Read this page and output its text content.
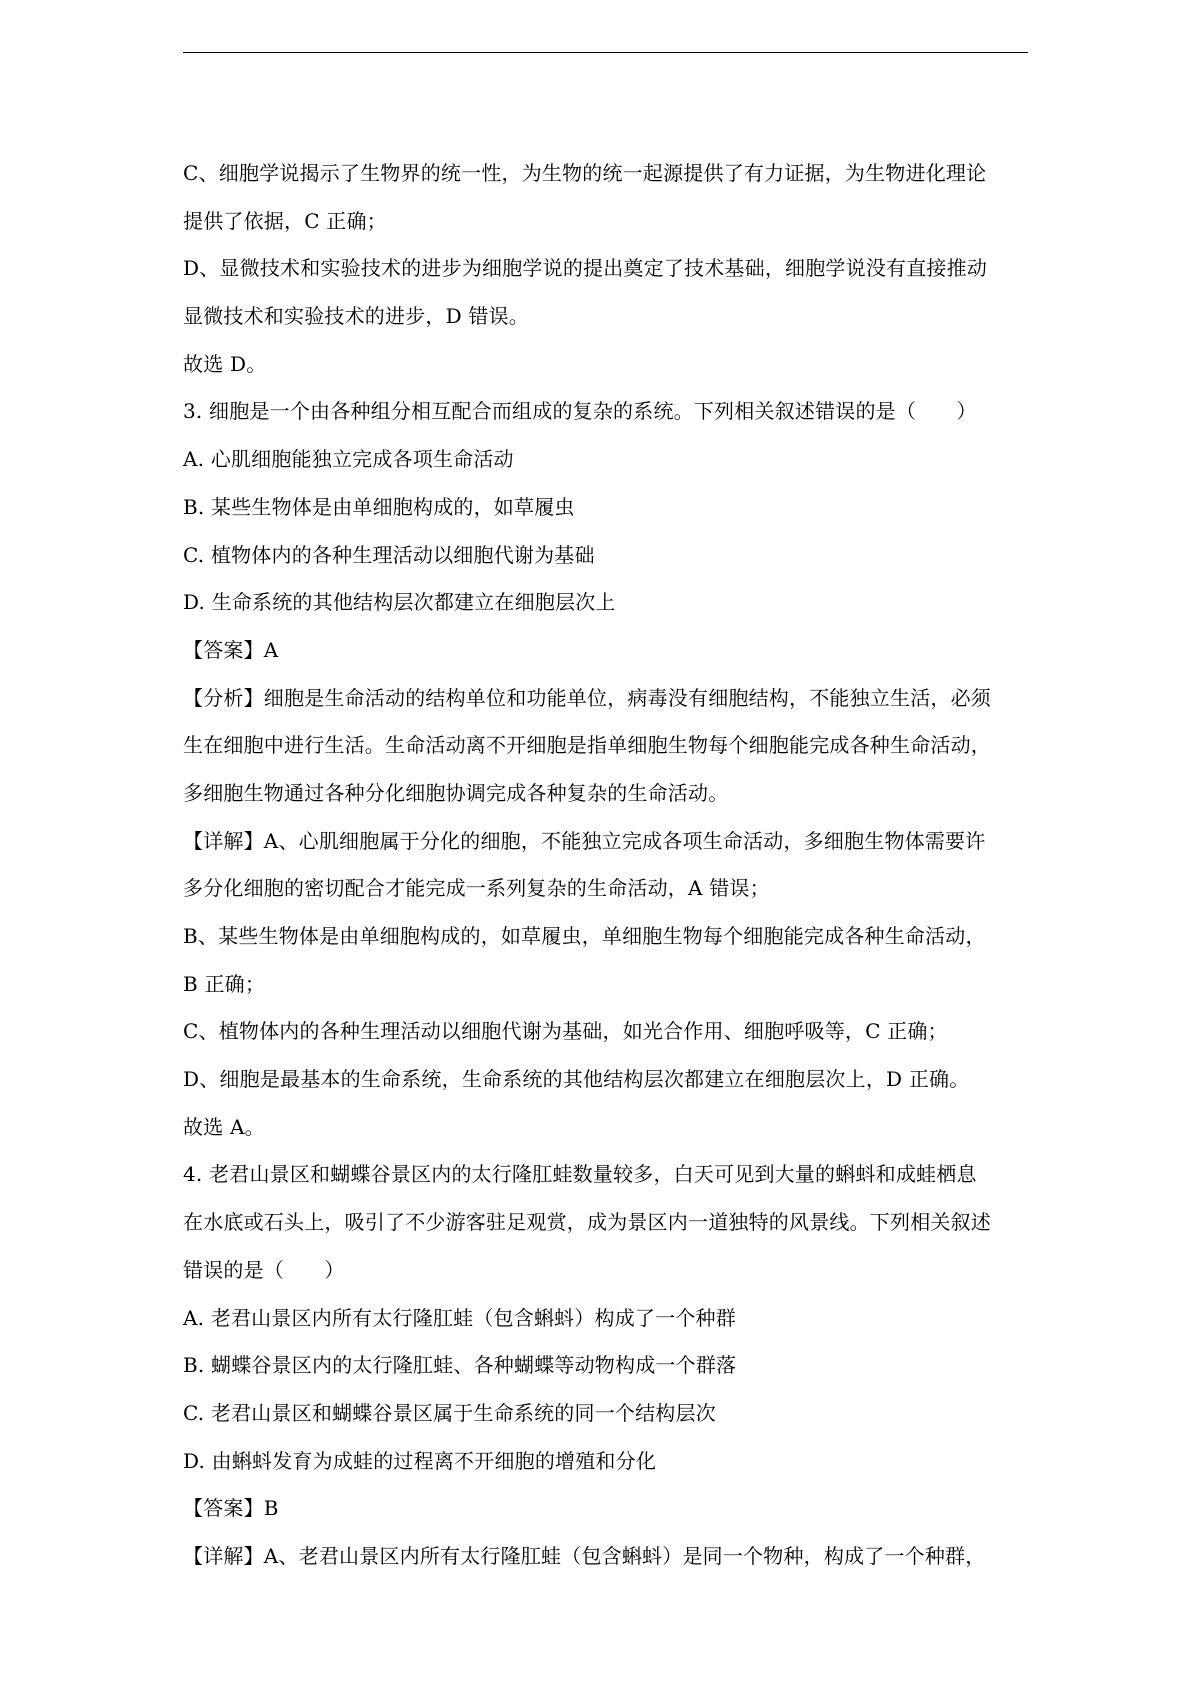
C、细胞学说揭示了生物界的统一性，为生物的统一起源提供了有力证据，为生物进化理论
提供了依据，C 正确；
D、显微技术和实验技术的进步为细胞学说的提出奠定了技术基础，细胞学说没有直接推动
显微技术和实验技术的进步，D 错误。
故选 D。
3. 细胞是一个由各种组分相互配合而组成的复杂的系统。下列相关叙述错误的是（　　）
A. 心肌细胞能独立完成各项生命活动
B. 某些生物体是由单细胞构成的，如草履虫
C. 植物体内的各种生理活动以细胞代谢为基础
D. 生命系统的其他结构层次都建立在细胞层次上
【答案】A
【分析】细胞是生命活动的结构单位和功能单位，病毒没有细胞结构，不能独立生活，必须
生在细胞中进行生活。生命活动离不开细胞是指单细胞生物每个细胞能完成各种生命活动，
多细胞生物通过各种分化细胞协调完成各种复杂的生命活动。
【详解】A、心肌细胞属于分化的细胞，不能独立完成各项生命活动，多细胞生物体需要许
多分化细胞的密切配合才能完成一系列复杂的生命活动，A 错误；
B、某些生物体是由单细胞构成的，如草履虫，单细胞生物每个细胞能完成各种生命活动，
B 正确；
C、植物体内的各种生理活动以细胞代谢为基础，如光合作用、细胞呼吸等，C 正确；
D、细胞是最基本的生命系统，生命系统的其他结构层次都建立在细胞层次上，D 正确。
故选 A。
4. 老君山景区和蝴蝶谷景区内的太行隆肛蛙数量较多，白天可见到大量的蝌蚪和成蛙栖息
在水底或石头上，吸引了不少游客驻足观赏，成为景区内一道独特的风景线。下列相关叙述
错误的是（　　）
A. 老君山景区内所有太行隆肛蛙（包含蝌蚪）构成了一个种群
B. 蝴蝶谷景区内的太行隆肛蛙、各种蝴蝶等动物构成一个群落
C. 老君山景区和蝴蝶谷景区属于生命系统的同一个结构层次
D. 由蝌蚪发育为成蛙的过程离不开细胞的增殖和分化
【答案】B
【详解】A、老君山景区内所有太行隆肛蛙（包含蝌蚪）是同一个物种，构成了一个种群，
